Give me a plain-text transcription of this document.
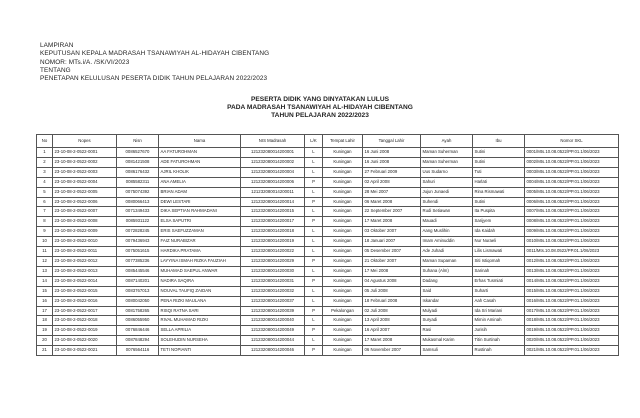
LAMPIRAN
KEPUTUSAN KEPALA MADRASAH TSANAWIYAH AL-HIDAYAH CIBENTANG
NOMOR: MTs.i/A. /SK/VI/2023
TENTANG
PENETAPAN KELULUSAN PESERTA DIDIK TAHUN PELAJARAN 2022/2023
PESERTA DIDIK YANG DINYATAKAN LULUS
PADA MADRASAH TSANAWIYAH AL-HIDAYAH CIBENTANG
TAHUN PELAJARAN 2022/2023
No	Nopes	Nisn	Nama	NIS Madrasah	L/K	Tempat Lahir	Tanggal Lahir	Ayah	Ibu	Nomor SKL
1	23-10-08-2-0522-0001	0086527670	AA FATUROHMAN	121232080014200001	L	Kuningan	16 Juni 2008	Maman Suherman	Sutini	0001/Mts.10.08.0522/PP.01.1/06/2023
2	23-10-08-2-0522-0002	0081421508	ADE FATUROHMAN	121232080014200002	L	Kuningan	16 Juni 2008	Maman Suherman	Sutini	0002/Mts.10.08.0522/PP.01.1/06/2023
3	23-10-08-2-0522-0003	0086176432	AJRIL KHOLIK	121232080014200004	L	Kuningan	27 Februari 2009	Uus Sudarno	Tuti	0003/Mts.10.08.0522/PP.01.1/06/2023
4	23-10-08-2-0522-0004	0085582311	ANA AMELIA	121232080014200006	P	Kuningan	02 April 2008	Sahuri	Harlati	0004/Mts.10.08.0522/PP.01.1/06/2023
5	23-10-08-2-0522-0005	0075074392	BRIAN ADAM	121232080014200011	L	Kuningan	28 Mei 2007	Jujun Junaedi	Rina Rismawati	0005/Mts.10.08.0522/PP.01.1/06/2023
6	23-10-08-2-0522-0006	0080066413	DEWI LESTARI	121232080014200014	P	Kuningan	06 Maret 2008	Suhendi	Sutini	0006/Mts.10.08.0522/PP.01.1/06/2023
7	23-10-08-2-0522-0007	0071349433	DIKA SEPTIAN RAHMADANI	121232080014200015	L	Kuningan	22 September 2007	Rudi Setiawan	Ita Puspita	0007/Mts.10.08.0522/PP.01.1/06/2023
8	23-10-08-2-0522-0008	0085931122	ELSA SAPUTRI	121232080014200017	P	Kuningan	17 Maret 2008	Mauadi	Sarijyem	0008/Mts.10.08.0522/PP.01.1/06/2023
9	23-10-08-2-0522-0009	0072828245	ERIS SAEFUZZAMAN	121232080014200018	L	Kuningan	03 Oktober 2007	Aang Muslihin	Ida Kaidah	0009/Mts.10.08.0522/PP.01.1/06/2023
10	23-10-08-2-0522-0010	0079436943	FAIZ NURABIZAR	121232080014200019	L	Kuningan	18 Januari 2007	Imam Aminuddin	Nur Nuraeli	0010/Mts.10.08.0522/PP.01.1/06/2023
11	23-10-08-2-0522-0011	0075051615	HARDIKA PRATAMA	121232080014200022	L	Kuningan	05 Desember 2007	Ade Juhadi	Lilis Lismawati	0011/Mts.10.08.0522/PP.01.1/06/2023
12	23-10-08-2-0522-0012	0077385236	LAYYINA ISMAH RIZKA FAUZIAH	121232080014200029	P	Kuningan	21 Oktober 2007	Maman Supaman	Siti Istiqomah	0012/Mts.10.08.0522/PP.01.1/06/2023
13	23-10-08-2-0522-0013	0085445546	MUHAMAD SAEPUL ANWAR	121232080014200030	L	Kuningan	17 Mei 2008	Suhana (Alm)	Sarinah	0013/Mts.10.08.0522/PP.01.1/06/2023
14	23-10-08-2-0522-0014	0087140201	NADIRA SAQIRA	121232080014200031	P	Kuningan	04 Agustus 2008	Dadang	Erhas Tusmiati	0014/Mts.10.08.0522/PP.01.1/06/2023
15	23-10-08-2-0522-0015	0083767013	NOUVAL TAUFIQ ZAIDAN	121232080014200032	L	Kuningan	05 Juli 2008	Said	Suharti	0015/Mts.10.08.0522/PP.01.1/06/2023
16	23-10-08-2-0522-0016	0080042050	PENA RIZKI MAULANA	121232080014200037	L	Kuningan	18 Februari 2008	Iskandar	Aah Casah	0016/Mts.10.08.0522/PP.01.1/06/2023
17	23-10-08-2-0522-0017	0081758265	RISQI RATNA SARI	121232080014200039	P	Pekalongan	02 Juli 2008	Mulyadi	Ida Sri Mariani	0017/Mts.10.08.0522/PP.01.1/06/2023
18	23-10-08-2-0522-0018	0086055950	RIVAL MUHAMAD RIZKI	121232080014200040	L	Kuningan	13 April 2008	Suryadi	Mimin Aminah	0018/Mts.10.08.0522/PP.01.1/06/2023
19	23-10-08-2-0522-0019	0076846446	SELLA APRILIA	121232080014200049	P	Kuningan	16 April 2007	Rasi	Jurisih	0019/Mts.10.08.0522/PP.01.1/06/2023
20	23-10-08-2-0522-0020	0087848294	SOLEHUDIN NURSEHA	121232080014200044	L	Kuningan	17 Maret 2008	Mukasmal Karim	Titin Surtinah	0020/Mts.10.08.0522/PP.01.1/06/2023
21	23-10-08-2-0522-0021	0076564116	TETI NOPIANTI	121232080014200046	P	Kuningan	06 November 2007	Samsuli	Rustinah	0021/Mts.10.08.0522/PP.01.1/06/2023
